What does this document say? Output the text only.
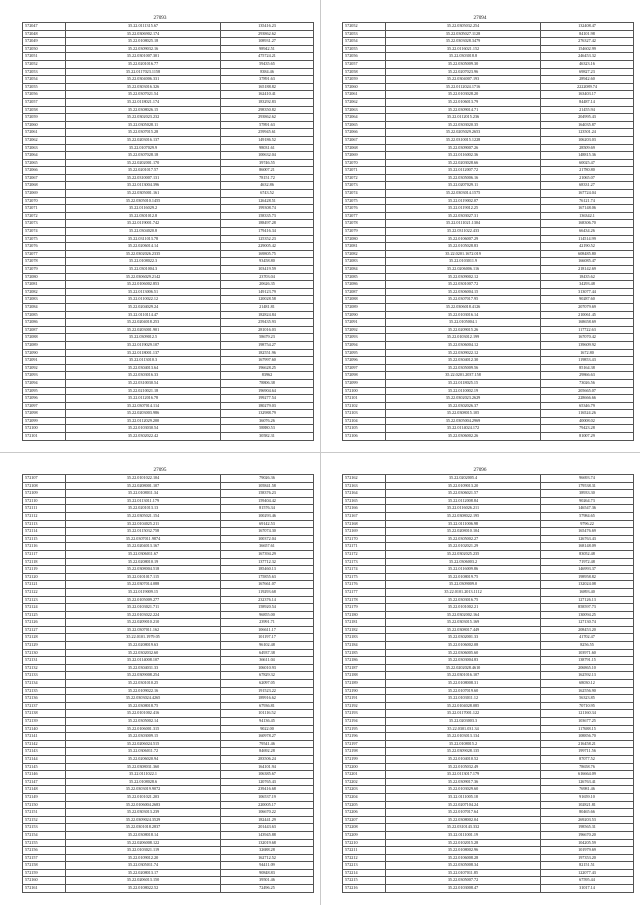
27093
572047	35.22.0111315.67	135416.23
572048	35.22.0306902.174	293862.62
572049	35.22.0108025.18	108931.27
572050	35.22.0309032.16	98942.51
572051	35.22.0301007.301	475724.21
572052	35.22.0201016.77	59435.65
572053	35.22.0117023.1158	8384.46
572054	35.22.0304006.331	37891.63
572055	35.22.0303016.326	165188.82
572056	35.22.0307021.54	162410.41
572057	35.22.0118021.174	183292.83
572058	35.22.0308026.15	298350.82
572059	35.22.0302023.232	293862.62
572060	35.22.0305028.11	57891.63
572061	35.22.0307015.28	259945.61
572062	35.22.0203016.137	149186.52
572063	35.22.0107029.9	98031.61
572064	35.22.0307028.18	100632.04
572065	35.22.0202001.170	39746.55
572066	35.22.0201017.57	86007.21
572067	35.22.0310007.131	78151.72
572068	35.22.0113004.396	4632.86
572069	35.22.0305001.161	6743.52
572070	35.22.0305010.1455	126428.51
572071	35.22.0116029.2	199308.74
572072	35.22.0301012.8	158335.73
572073	35.22.0119001.742	188497.28
572074	35.22.0304020.8	179416.34
572075	35.22.0311013.78	125352.23
572076	35.22.0206014.14	229005.42
572077	35.22.0302026.2335	169805.75
572078	35.22.0108022.3	93458.80
572079	35.22.0301004.3	103419.59
572080	35.22.0306029.2142	23703.04
572081	35.22.0106002.853	20626.35
572082	35.22.0113006.51	149123.79
572083	35.22.0110022.12	120028.58
572084	35.22.0204029.24	21481.81
572085	35.22.0110114.47	182824.84
572086	35.22.0204018.253	259435.93
572087	35.22.0203001.901	281016.03
572088	35.22.0309012.5	58679.23
572089	35.22.0119029.107	198754.27
572090	35.22.0118001.137	182551.96
572091	35.22.0113010.3	167997.60
572092	35.22.0304013.64	196628.25
572093	35.22.0303016.33	83962
572094	35.22.0310030.54	78806.38
572095	35.22.0210021.18	196904.64
572096	35.22.0112016.78	199277.54
572097	35.22.0307014.114	180279.03
572098	35.22.0203003.986	132988.79
572099	35.22.0112029.200	36076.26
572100	35.22.0103030.54	58880.53
572101	35.22.0302022.42	30582.31
27094
572052	35.22.0305032.254	132408.47
572053	35.22.0305027.1128	84101.98
572054	35.22.0303028.3479	276327.42
572055	35.22.0116021.152	154602.99
572056	35.22.0303018.8	246453.32
572057	35.22.0305009.30	46323.16
572058	35.22.0207023.96	69827.23
572059	35.22.0304007.193	28942.60
572060	35.22.0112024.1716	2222089.74
572061	35.22.0103028.20	163403.17
572062	35.22.0106013.79	84487.14
572063	35.22.0309014.71	21455.94
572064	35.22.0112015.236	204995.43
572065	35.22.0303020.35	164035.87
572066	35.22.0205029.2653	123501.24
572067	35.22.0310015.1228	106203.03
572068	35.22.0309007.26	28509.69
572069	35.22.0116002.36	148815.36
572070	35.22.0203028.66	60025.47
572071	35.22.0112007.72	21780.80
572072	35.22.0305006.16	21065.07
572073	35.22.0207029.11	68331.27
572074	35.22.0303014.1575	167724.04
572075	35.22.0119002.07	76121.74
572076	35.22.0119012.25	167148.06
572077	35.22.0303027.31	136342.1
572078	35.22.0111021.1304	168306.70
572079	35.22.0311022.433	66434.26
572080	35.22.0106007.29	114514.99
572081	35.22.0105028.83	42190.52
572082	35.22.0201.1672.019	608485.80
572083	35.22.0103011.9	166085.47
572084	35.22.0206006.116	218142.69
572085	35.22.0309002.12	18435.62
572086	35.22.0301007.72	34293.48
572087	35.22.0306004.15	313077.44
572088	35.22.0307017.95	90287.60
572089	35.22.0306018.4126	207079.69
572090	35.22.0103016.14	210061.45
572091	35.22.0105004.1	168658.69
572092	35.22.0209015.26	117722.63
572093	35.22.0103012.199	167070.42
572094	35.22.0306004.12	139609.92
572095	35.22.0309022.12	1672.80
572096	35.22.0304012.30	119853.43
572097	35.22.0305009.56	85164.38
572098	35.22.0201.2037.158	29866.63
572099	35.22.0118025.15	73026.56
572100	35.22.0110002.19	205665.07
572101	35.22.0302023.2629	228666.66
572102	35.22.0302026.37	65346.79
572103	35.22.0308015.105	116524.26
572104	35.22.0305004.2969	40008.02
572105	35.22.0114024.172	79423.28
572106	35.22.0306002.26	81007.29
27095
572107	35.22.0101022.104	79026.36
572108	35.22.0208001.107	105841.58
572109	35.22.0108011.34	158376.23
572110	35.22.0113011.179	159404.42
572111	35.22.0201013.13	81576.34
572112	35.22.0305021.154	100293.46
572113	35.22.0104025.211	69142.53
572114	35.22.0115032.758	167074.30
572115	35.22.0307011.9874	100372.04
572116	35.22.0204013.167	36657.61
572117	35.22.0306011.67	167394.29
572118	35.22.0208010.19	137712.32
572119	35.22.0308004.518	185460.13
572120	35.22.0101017.115	175855.63
572121	35.22.0307014.088	167661.07
572122	35.22.0119009.15	119293.68
572123	35.22.0105009.277	232376.14
572124	35.22.0103021.711	158920.54
572125	35.22.0103022.224	96855.00
572126	35.22.0209010.210	23991.71
572127	35.22.0307011.162	106611.17
572128	35.22.0101.1979.05	101197.17
572129	35.22.0208019.63	96102.48
572130	35.22.0302032.60	64937.38
572131	35.22.0114008.107	36611.04
572132	35.22.0304031.33	106010.93
572133	35.22.0309008.254	67829.32
572134	35.22.0301010.25	62097.05
572135	35.22.0109022.16	191523.22
572136	35.22.0303024.4265	189916.62
572137	35.22.0308018.75	67936.81
572138	35.22.0101002.416	101116.52
572139	35.22.0305002.14	94136.45
572140	35.22.0106001.315	9022.00
572141	35.22.0303009.15	160978.27
572142	35.22.0206024.515	79541.46
572143	35.22.0306011.72	84692.28
572144	35.22.0206020.94	283506.24
572145	35.22.0308031.360	164101.94
572146	35.22.0111022.1	106385.67
572147	35.22.0108028.6	120765.43
572148	35.22.0303019.9072	239416.68
572149	35.22.0101021.203	106537.19
572150	35.22.0106004.2683	220005.17
572151	35.22.0303013.239	106670.22
572152	35.22.0309024.3529	182441.29
572153	35.22.0301018.2837	201443.63
572154	35.22.0308018.14	143945.88
572155	35.22.0206008.122	132019.68
572156	35.22.0103021.119	32688.28
572157	35.22.0109012.20	162712.52
572158	35.22.0305011.74	94411.09
572159	35.22.0208013.17	90848.83
572160	35.22.0206013.150	39501.46
572161	35.22.0108022.52	72496.25
27096
572162	35.22.0202005.4	96693.74
572163	35.22.0109013.20	179538.31
572164	35.22.0306021.57	38933.30
572165	35.22.0112008.84	90264.73
572166	35.22.0116026.211	146547.36
572167	35.22.0308022.195	57984.65
572168	35.22.0111006.98	9796.22
572169	35.22.0208010.104	165476.69
572170	35.22.0305002.27	126763.43
572171	35.22.0102021.29	168148.09
572172	35.22.0302025.235	83052.48
572173	35.22.0306003.2	71972.48
572174	35.22.0116009.86	146993.37
572175	35.22.0108019.75	198958.82
572176	35.22.0309009.0	132024.08
572177	35.22.0101.2013.1112	16893.40
572178	35.22.0303016.75	127126.13
572179	35.22.0101002.21	858597.73
572180	35.22.0302002.164	130094.25
572181	35.22.0303015.169	127130.74
572182	35.22.0308017.449	208453.20
572183	35.22.0302001.33	41702.47
572184	35.22.0106002.08	8256.55
572185	35.22.0306005.60	103971.60
572186	35.22.0303004.83	138791.15
572187	35.22.0202028.4610	206865.10
572188	35.22.0301016.107	162592.13
572189	35.22.0108008.31	68030.12
572190	35.22.0107019.60	162556.90
572191	35.22.0103011.12	56323.85
572192	35.22.0104028.085	70710.95
572193	35.22.0117001.122	121160.34
572194	35.22.0203003.3	103677.25
572195	35.22.0301.031.34	117688.15
572196	35.22.0103013.134	108856.70
572197	35.22.0108015.2	216458.21
572198	35.22.0309028.135	199711.56
572199	35.22.0104010.52	87077.52
572200	35.22.0105032.49	78658.76
572201	35.22.0113017.179	616664.09
572202	35.22.0309017.36	126763.41
572203	35.22.0103029.60	76981.46
572204	35.22.0111005.18	91659.10
572205	35.22.0207104.24	102821.81
572206	35.22.0107017.64	80465.66
572207	35.22.0308002.04	269203.53
572208	35.22.0310143.332	198565.31
572209	35.22.0111001.19	196670.20
572210	35.22.0102015.28	104205.59
572211	35.22.0108002.96	101979.69
572212	35.22.0106008.28	197353.20
572213	35.22.0305008.34	82151.51
572214	35.22.0107011.85	122077.43
572215	35.22.0305007.72	67595.44
572216	35.22.0103008.47	31017.14
